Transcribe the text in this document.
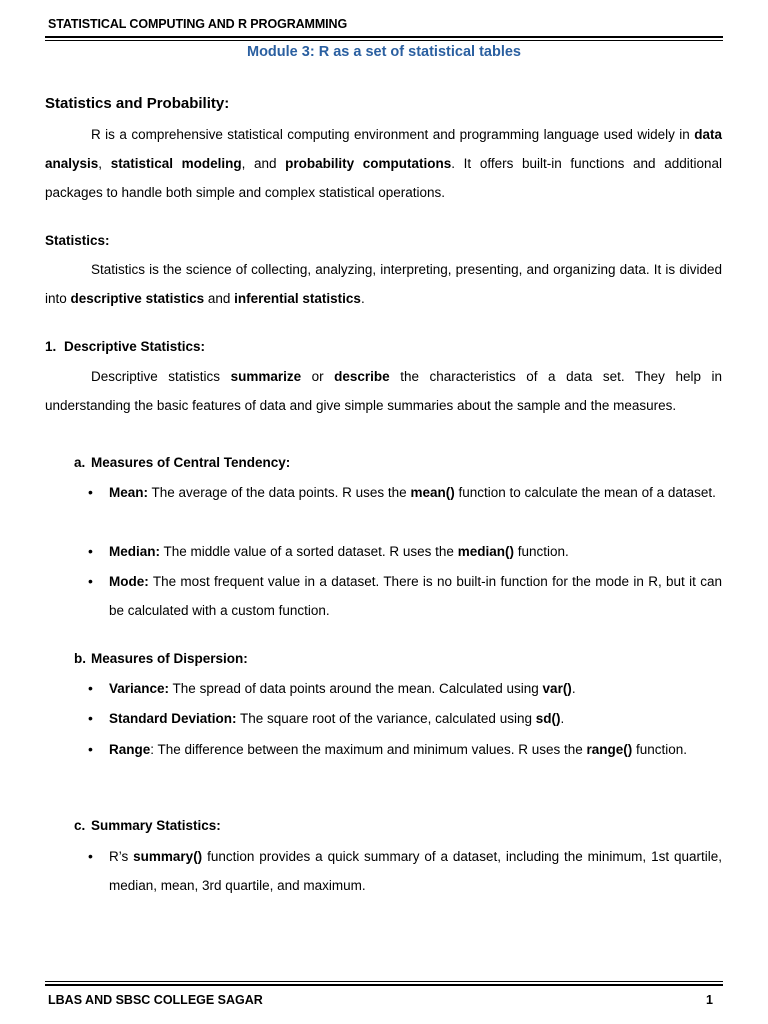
STATISTICAL COMPUTING AND R PROGRAMMING
Module 3: R as a set of statistical tables
Statistics and Probability:
R is a comprehensive statistical computing environment and programming language used widely in data analysis, statistical modeling, and probability computations. It offers built-in functions and additional packages to handle both simple and complex statistical operations.
Statistics:
Statistics is the science of collecting, analyzing, interpreting, presenting, and organizing data. It is divided into descriptive statistics and inferential statistics.
1. Descriptive Statistics:
Descriptive statistics summarize or describe the characteristics of a data set. They help in understanding the basic features of data and give simple summaries about the sample and the measures.
a. Measures of Central Tendency:
• Mean: The average of the data points. R uses the mean() function to calculate the mean of a dataset.
• Median: The middle value of a sorted dataset. R uses the median() function.
• Mode: The most frequent value in a dataset. There is no built-in function for the mode in R, but it can be calculated with a custom function.
b. Measures of Dispersion:
• Variance: The spread of data points around the mean. Calculated using var().
• Standard Deviation: The square root of the variance, calculated using sd().
• Range: The difference between the maximum and minimum values. R uses the range() function.
c. Summary Statistics:
• R’s summary() function provides a quick summary of a dataset, including the minimum, 1st quartile, median, mean, 3rd quartile, and maximum.
LBAS AND SBSC COLLEGE SAGAR	1
